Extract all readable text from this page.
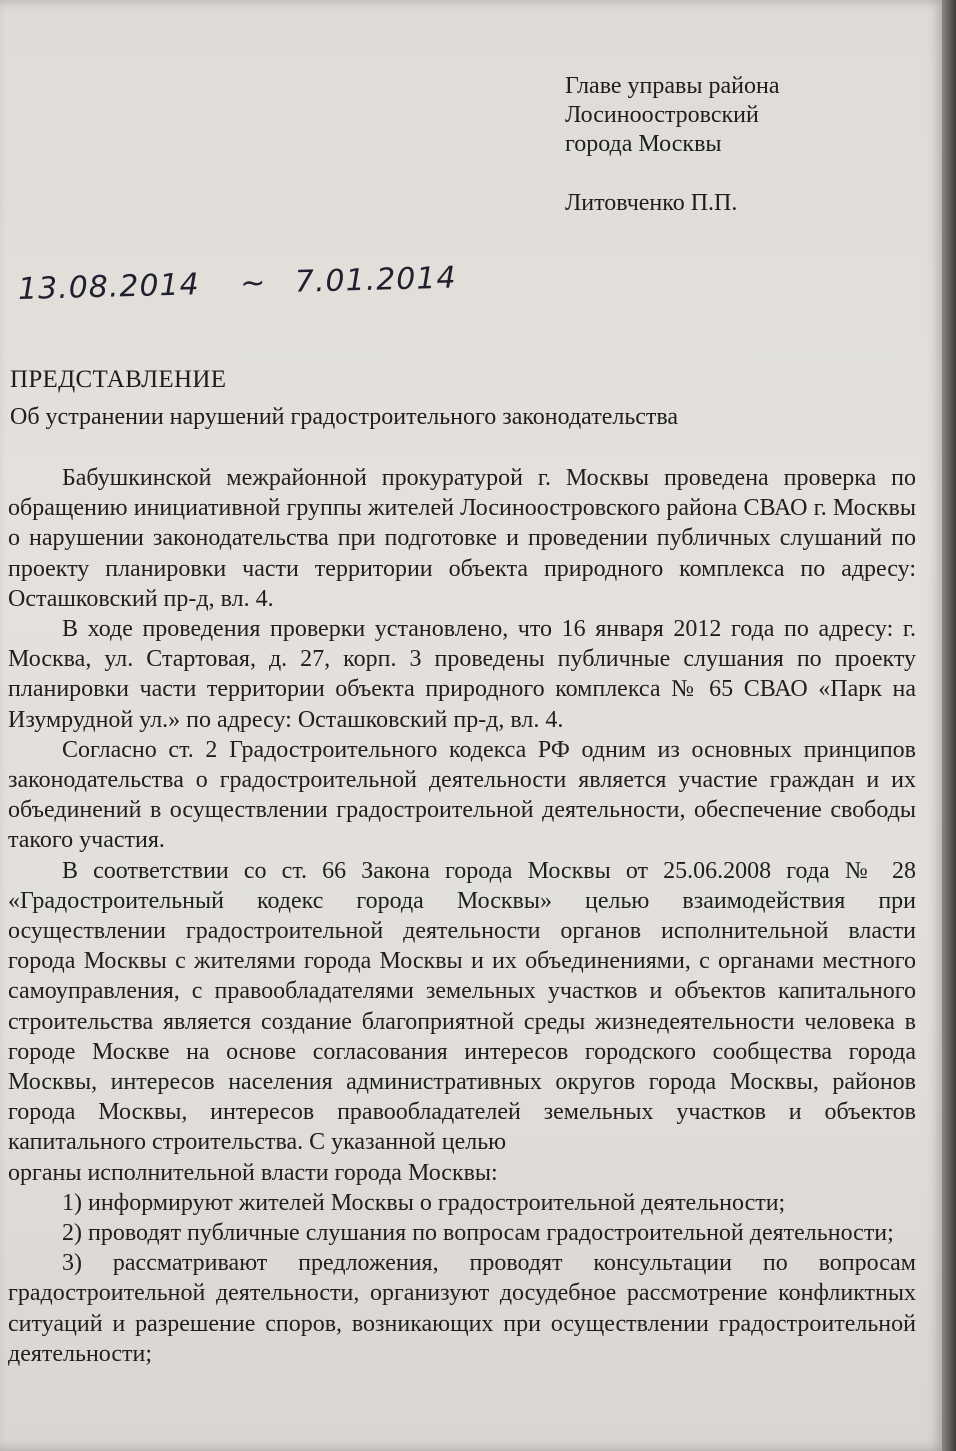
Главе управы района
Лосиноостровский
города Москвы
Литовченко П.П.
13.08.2014 ~ 7.01.2014
ПРЕДСТАВЛЕНИЕ
Об устранении нарушений градостроительного законодательства

Бабушкинской межрайонной прокуратурой г. Москвы проведена проверка по обращению инициативной группы жителей Лосиноостровского района СВАО г. Москвы о нарушении законодательства при подготовке и проведении публичных слушаний по проекту планировки части территории объекта природного комплекса по адресу: Осташковский пр-д, вл. 4.

В ходе проведения проверки установлено, что 16 января 2012 года по адресу: г. Москва, ул. Стартовая, д. 27, корп. 3 проведены публичные слушания по проекту планировки части территории объекта природного комплекса № 65 СВАО «Парк на Изумрудной ул.» по адресу: Осташковский пр-д, вл. 4.

Согласно ст. 2 Градостроительного кодекса РФ одним из основных принципов законодательства о градостроительной деятельности является участие граждан и их объединений в осуществлении градостроительной деятельности, обеспечение свободы такого участия.

В соответствии со ст. 66 Закона города Москвы от 25.06.2008 года № 28 «Градостроительный кодекс города Москвы» целью взаимодействия при осуществлении градостроительной деятельности органов исполнительной власти города Москвы с жителями города Москвы и их объединениями, с органами местного самоуправления, с правообладателями земельных участков и объектов капитального строительства является создание благоприятной среды жизнедеятельности человека в городе Москве на основе согласования интересов городского сообщества города Москвы, интересов населения административных округов города Москвы, районов города Москвы, интересов правообладателей земельных участков и объектов капитального строительства. С указанной целью

органы исполнительной власти города Москвы:

1) информируют жителей Москвы о градостроительной деятельности;

2) проводят публичные слушания по вопросам градостроительной деятельности;

3) рассматривают предложения, проводят консультации по вопросам градостроительной деятельности, организуют досудебное рассмотрение конфликтных ситуаций и разрешение споров, возникающих при осуществлении градостроительной деятельности;
